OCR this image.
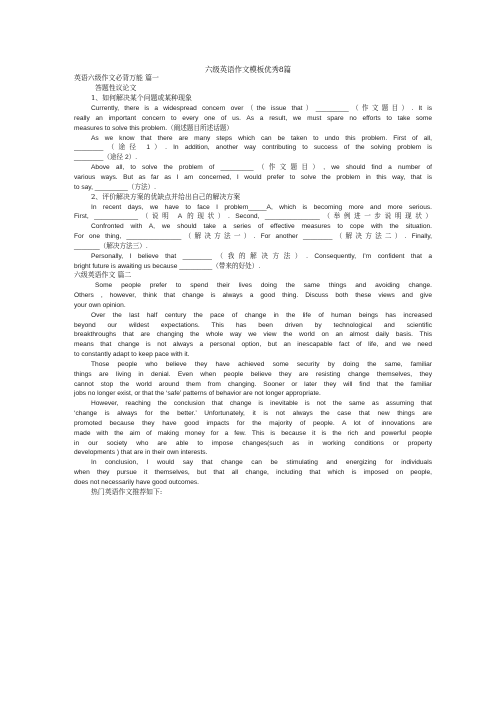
六级英语作文模板优秀8篇
英语六级作文必背万能 篇一
答题性议论文
1、如何解决某个问题或某种现象
Currently, there is a widespread concern over（the issue that）_________（作文题目）. It is
really an important concern to every one of us. As a result, we must spare no efforts to take some
measures to solve this problem.（阐述题目所述话题）
As we know that there are many steps which can be taken to undo this problem. First of all,
________（途径 1）. In addition, another way contributing to success of the solving problem is
________（途径 2）.
Above all, to solve the problem of _________（作文题目）, we should find a number of
various ways. But as far as I am concerned, I would prefer to solve the problem in this way, that is
to say, _________（方法）.
2、评价解决方案的优缺点并给出自己的解决方案
In recent days, we have to face I problem_____A, which is becoming more and more serious.
First, ____________（说明 A 的现状）. Second, _______________（举例进一步说明现状）
Confronted with A, we should take a series of effective measures to cope with the situation.
For one thing, _______________（解决方法一）. For another ________（解决方法二）. Finally,
_______（解决方法三）.
Personally, I believe that ________（我的解决方法）. Consequently, I’m confident that a
bright future is awaiting us because _________（带来的好处）.
六级英语作文 篇二
Some people prefer to spend their lives doing the same things and avoiding change.
Others , however, think that change is always a good thing. Discuss both these views and give
your own opinion.
Over the last half century the pace of change in the life of human beings has increased
beyond our wildest expectations. This has been driven by technological and scientific
breakthroughs that are changing the whole way we view the world on an almost daily basis. This
means that change is not always a personal option, but an inescapable fact of life, and we need
to constantly adapt to keep pace with it.
Those people who believe they have achieved some security by doing the same, familiar
things are living in denial. Even when people believe they are resisting change themselves, they
cannot stop the world around them from changing. Sooner or later they will find that the familiar
jobs no longer exist, or that the ‘safe’ patterns of behavior are not longer appropriate.
However, reaching the conclusion that change is inevitable is not the same as assuming that
‘change is always for the better.’ Unfortunately, it is not always the case that new things are
promoted because they have good impacts for the majority of people. A lot of innovations are
made with the aim of making money for a few. This is because it is the rich and powerful people
in our society who are able to impose changes(such as in working conditions or property
developments ) that are in their own interests.
In conclusion, I would say that change can be stimulating and energizing for individuals
when they pursue it themselves, but that all change, including that which is imposed on people,
does not necessarily have good outcomes.
热门英语作文推荐如下:
